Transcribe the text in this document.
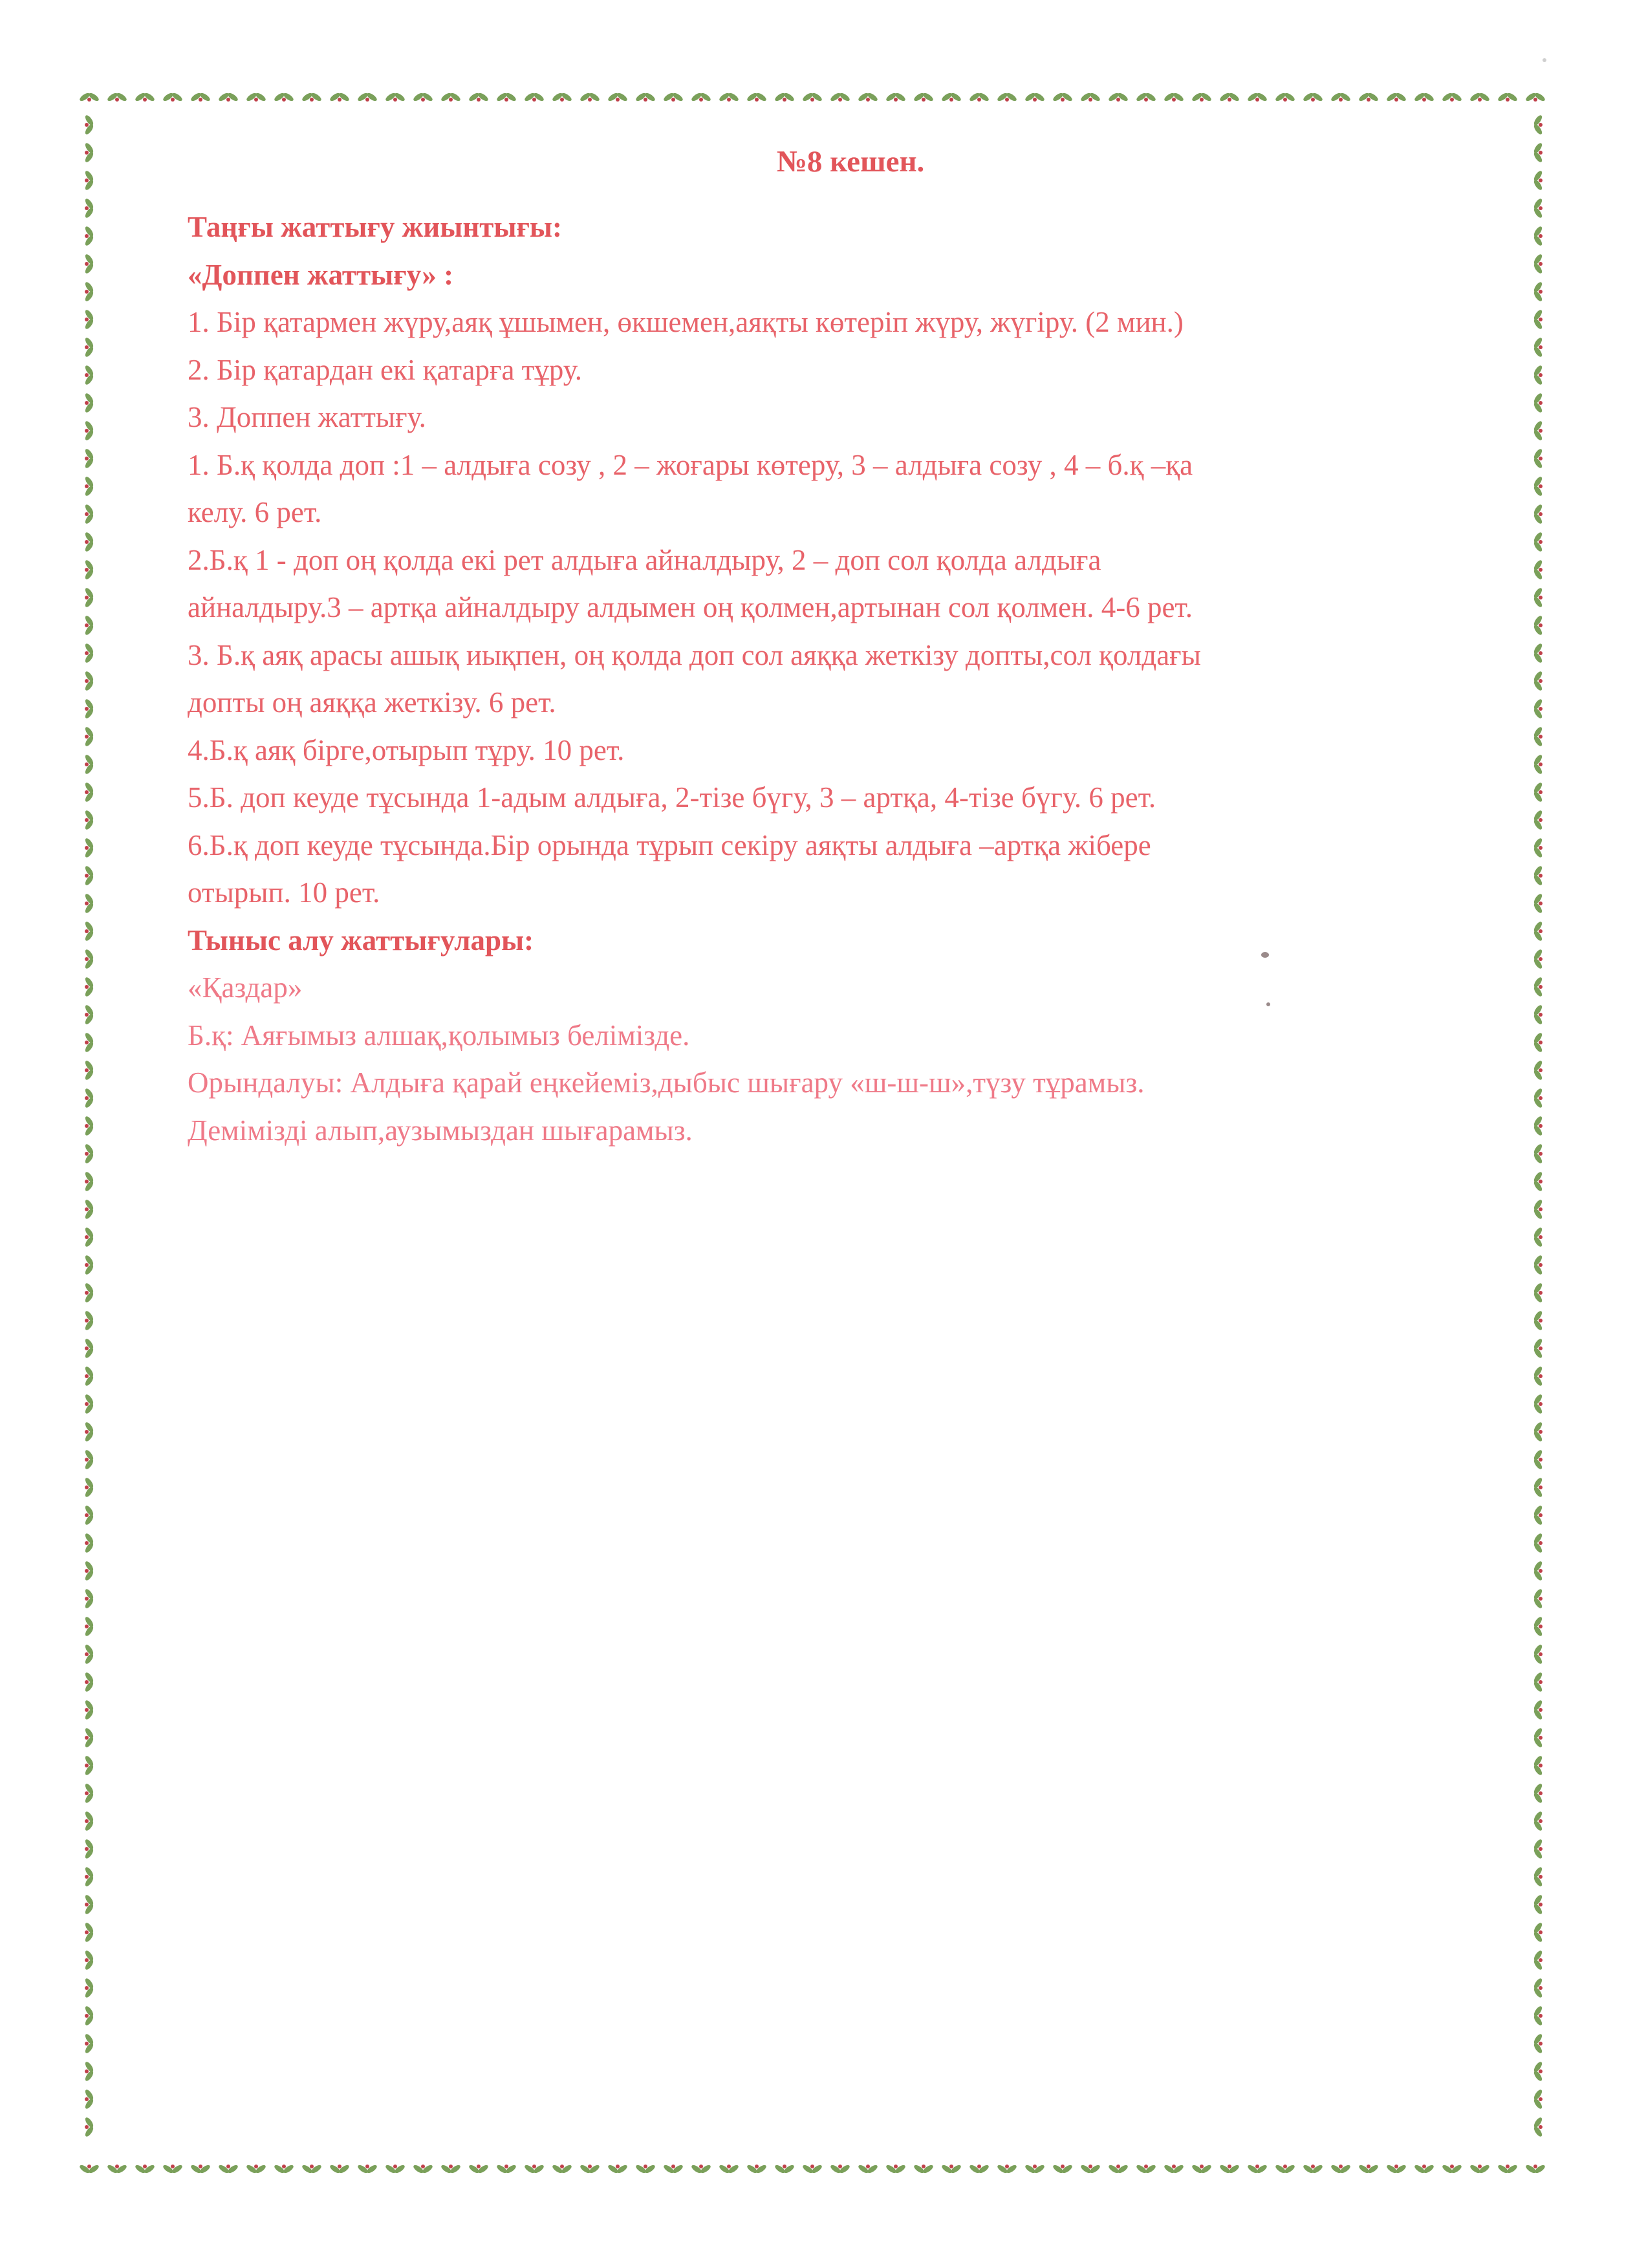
№8 кешен.
Таңғы жаттығу жиынтығы:
«Доппен жаттығу» :
1. Бір қатармен жүру,аяқ ұшымен, өкшемен,аяқты көтеріп жүру, жүгіру. (2 мин.)
2. Бір қатардан екі қатарға тұру.
3. Доппен жаттығу.
1. Б.қ қолда доп :1 – алдыға созу , 2 – жоғары көтеру, 3 – алдыға созу , 4 – б.қ –қа
келу. 6 рет.
2.Б.қ 1 - доп оң қолда екі рет алдыға айналдыру, 2 – доп сол қолда алдыға
айналдыру.3 – артқа айналдыру алдымен оң қолмен,артынан сол қолмен. 4-6 рет.
3. Б.қ аяқ арасы ашық иықпен, оң қолда доп сол аяққа жеткізу допты,сол қолдағы
допты оң аяққа жеткізу. 6 рет.
4.Б.қ аяқ бірге,отырып тұру. 10 рет.
5.Б. доп кеуде тұсында 1-адым алдыға, 2-тізе бүгу, 3 – артқа, 4-тізе бүгу. 6 рет.
6.Б.қ доп кеуде тұсында.Бір орында тұрып секіру аяқты алдыға –артқа жібере
отырып. 10 рет.
Тыныс алу жаттығулары:
«Қаздар»
Б.қ: Аяғымыз алшақ,қолымыз белімізде.
Орындалуы: Алдыға қарай еңкейеміз,дыбыс шығару «ш-ш-ш»,түзу тұрамыз.
Демімізді алып,аузымыздан шығарамыз.
